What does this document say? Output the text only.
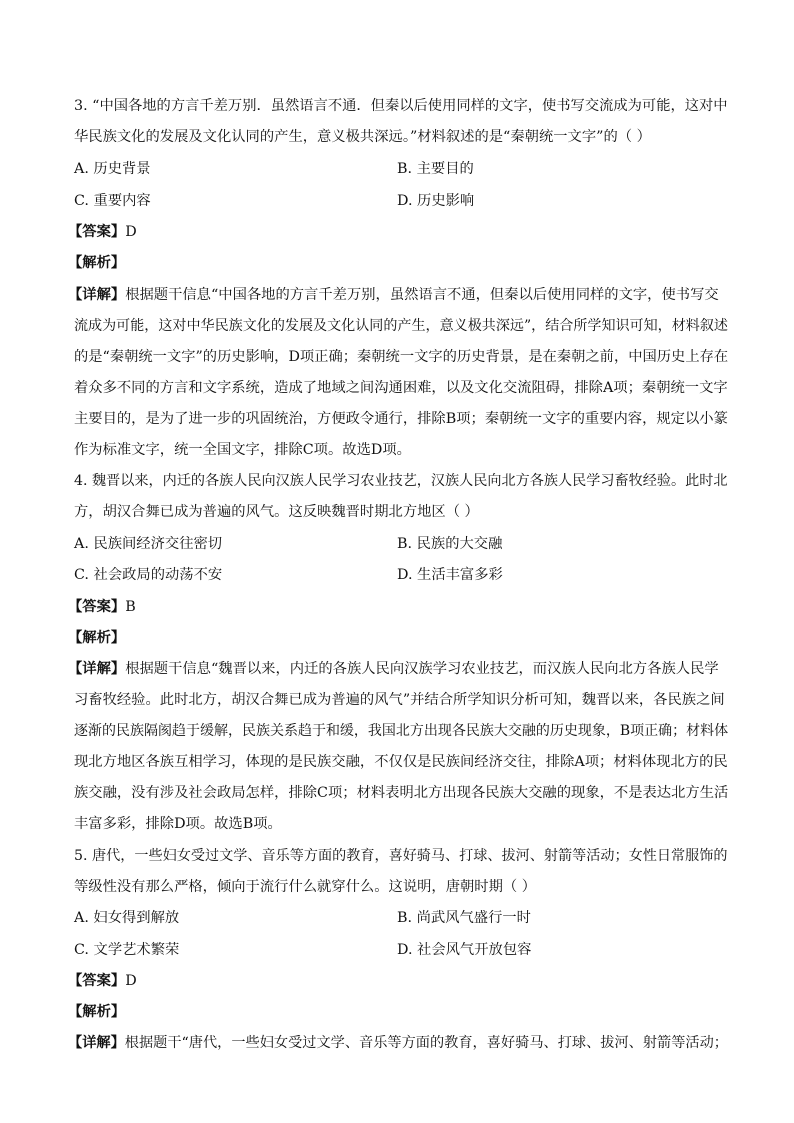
3. “中国各地的方言千差万别．虽然语言不通．但秦以后使用同样的文字，使书写交流成为可能，这对中
华民族文化的发展及文化认同的产生，意义极共深远。”材料叙述的是“秦朝统一文字”的（ ）
A. 历史背景	B. 主要目的
C. 重要内容	D. 历史影响
【答案】D
【解析】
【详解】根据题干信息“中国各地的方言千差万别，虽然语言不通，但秦以后使用同样的文字，使书写交
流成为可能，这对中华民族文化的发展及文化认同的产生，意义极共深远”，结合所学知识可知，材料叙述
的是“秦朝统一文字”的历史影响，D项正确；秦朝统一文字的历史背景，是在秦朝之前，中国历史上存在
着众多不同的方言和文字系统，造成了地域之间沟通困难，以及文化交流阻碍，排除A项；秦朝统一文字
主要目的，是为了进一步的巩固统治，方便政令通行，排除B项；秦朝统一文字的重要内容，规定以小篆
作为标准文字，统一全国文字，排除C项。故选D项。
4. 魏晋以来，内迁的各族人民向汉族人民学习农业技艺，汉族人民向北方各族人民学习畜牧经验。此时北
方，胡汉合舞已成为普遍的风气。这反映魏晋时期北方地区（ ）
A. 民族间经济交往密切	B. 民族的大交融
C. 社会政局的动荡不安	D. 生活丰富多彩
【答案】B
【解析】
【详解】根据题干信息“魏晋以来，内迁的各族人民向汉族学习农业技艺，而汉族人民向北方各族人民学
习畜牧经验。此时北方，胡汉合舞已成为普遍的风气”并结合所学知识分析可知，魏晋以来，各民族之间
逐渐的民族隔阂趋于缓解，民族关系趋于和缓，我国北方出现各民族大交融的历史现象，B项正确；材料体
现北方地区各族互相学习，体现的是民族交融，不仅仅是民族间经济交往，排除A项；材料体现北方的民
族交融，没有涉及社会政局怎样，排除C项；材料表明北方出现各民族大交融的现象，不是表达北方生活
丰富多彩，排除D项。故选B项。
5. 唐代，一些妇女受过文学、音乐等方面的教育，喜好骑马、打球、拔河、射箭等活动；女性日常服饰的
等级性没有那么严格，倾向于流行什么就穿什么。这说明，唐朝时期（ ）
A. 妇女得到解放	B. 尚武风气盛行一时
C. 文学艺术繁荣	D. 社会风气开放包容
【答案】D
【解析】
【详解】根据题干“唐代，一些妇女受过文学、音乐等方面的教育，喜好骑马、打球、拔河、射箭等活动；
